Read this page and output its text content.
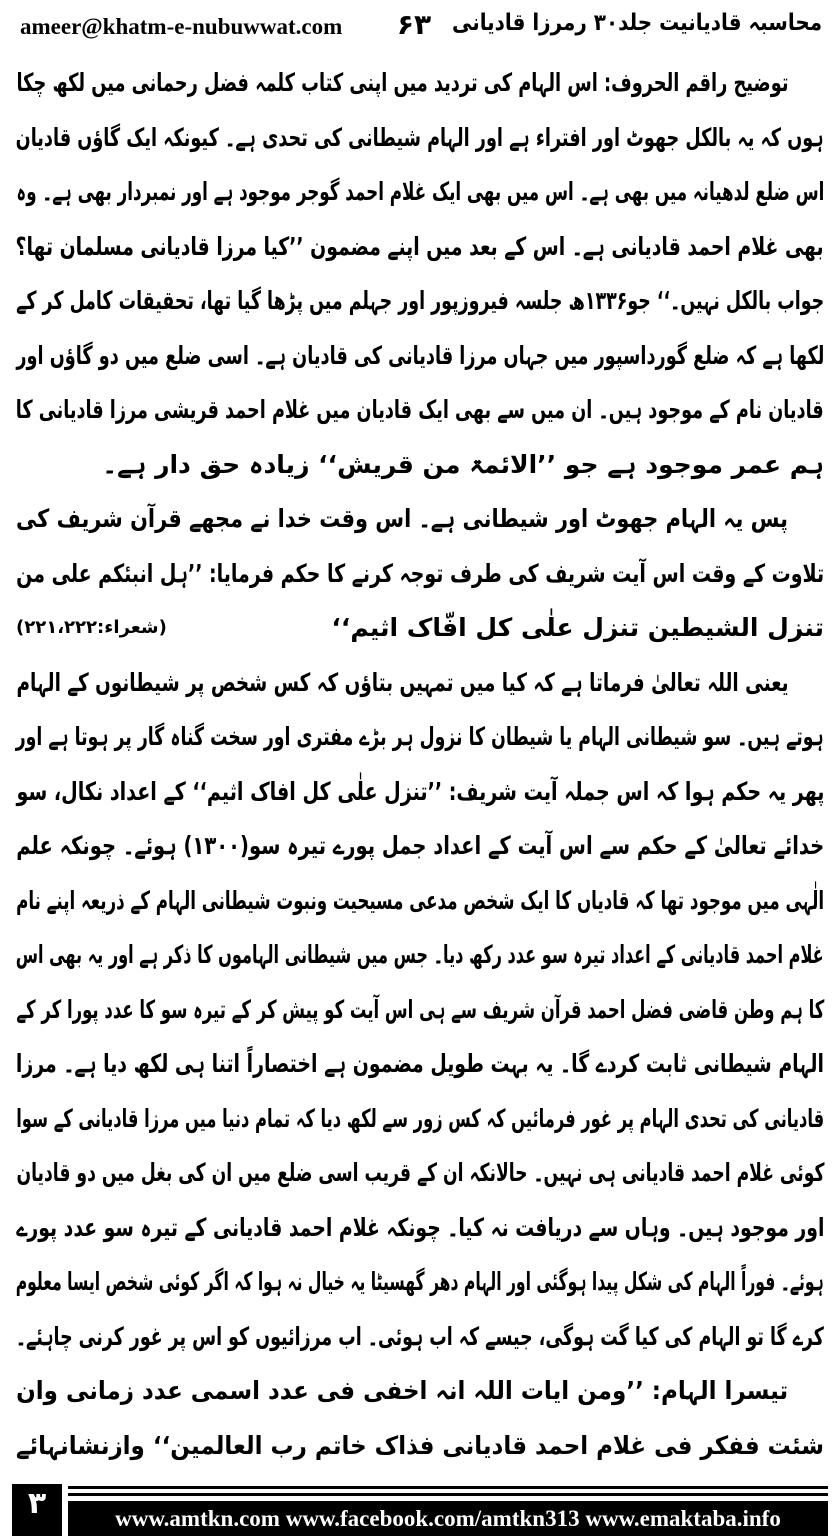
ameer@khatm-e-nubuwwat.com	۶۳ محاسبہ قادیانیت جلد۳۰ رمرزا قادیانی
توضیح راقم الحروف: اس الہام کی تردید میں اپنی کتاب کلمہ فضل رحمانی میں لکھ چکا
ہوں کہ یہ بالکل جھوٹ اور افتراء ہے اور الہام شیطانی کی تحدی ہے۔ کیونکہ ایک گاؤں قادیان
اس ضلع لدھیانہ میں بھی ہے۔ اس میں بھی ایک غلام احمد گوجر موجود ہے اور نمبردار بھی ہے۔ وہ
بھی غلام احمد قادیانی ہے۔ اس کے بعد میں اپنے مضمون ’’کیا مرزا قادیانی مسلمان تھا؟
جواب بالکل نہیں۔‘‘ جو۱۳۳۶ھ جلسہ فیروزپور اور جہلم میں پڑھا گیا تھا، تحقیقات کامل کر کے
لکھا ہے کہ ضلع گورداسپور میں جہاں مرزا قادیانی کی قادیان ہے۔ اسی ضلع میں دو گاؤں اور
قادیان نام کے موجود ہیں۔ ان میں سے بھی ایک قادیان میں غلام احمد قریشی مرزا قادیانی کا
ہم عمر موجود ہے جو ’’الائمۃ من قریش‘‘ زیادہ حق دار ہے۔
پس یہ الہام جھوٹ اور شیطانی ہے۔ اس وقت خدا نے مجھے قرآن شریف کی
تلاوت کے وقت اس آیت شریف کی طرف توجہ کرنے کا حکم فرمایا: ’’ہل انبئکم علی من
تنزل الشیطین تنزل علٰی کل افّاک اثیم‘‘
(شعراء:۲۲۱،۲۲۲)
یعنی اللہ تعالیٰ فرماتا ہے کہ کیا میں تمہیں بتاؤں کہ کس شخص پر شیطانوں کے الہام
ہوتے ہیں۔ سو شیطانی الہام یا شیطان کا نزول ہر بڑے مفتری اور سخت گناہ گار پر ہوتا ہے اور
پھر یہ حکم ہوا کہ اس جملہ آیت شریف: ’’تنزل علٰی کل افاک اثیم‘‘ کے اعداد نکال، سو
خدائے تعالیٰ کے حکم سے اس آیت کے اعداد جمل پورے تیرہ سو(۱۳۰۰) ہوئے۔ چونکہ علم
الٰہی میں موجود تھا کہ قادیاں کا ایک شخص مدعی مسیحیت ونبوت شیطانی الہام کے ذریعہ اپنے نام
غلام احمد قادیانی کے اعداد تیرہ سو عدد رکھ دیا۔ جس میں شیطانی الہاموں کا ذکر ہے اور یہ بھی اس
کا ہم وطن قاضی فضل احمد قرآن شریف سے ہی اس آیت کو پیش کر کے تیرہ سو کا عدد پورا کر کے
الہام شیطانی ثابت کردے گا۔ یہ بہت طویل مضمون ہے اختصاراً اتنا ہی لکھ دیا ہے۔ مرزا
قادیانی کی تحدی الہام پر غور فرمائیں کہ کس زور سے لکھ دیا کہ تمام دنیا میں مرزا قادیانی کے سوا
کوئی غلام احمد قادیانی ہی نہیں۔ حالانکہ ان کے قریب اسی ضلع میں ان کی بغل میں دو قادیان
اور موجود ہیں۔ وہاں سے دریافت نہ کیا۔ چونکہ غلام احمد قادیانی کے تیرہ سو عدد پورے
ہوئے۔ فوراً الہام کی شکل پیدا ہوگئی اور الہام دھر گھسیٹا یہ خیال نہ ہوا کہ اگر کوئی شخص ایسا معلوم
کرے گا تو الہام کی کیا گت ہوگی، جیسے کہ اب ہوئی۔ اب مرزائیوں کو اس پر غور کرنی چاہئے۔
تیسرا الہام: ’’ومن ایات اللہ انہ اخفی فی عدد اسمی عدد زمانی وان
شئت ففکر فی غلام احمد قادیانی فذاک خاتم رب العالمین‘‘ وازنشانہائے
۳	www.amtkn.com www.facebook.com/amtkn313 www.emaktaba.info
